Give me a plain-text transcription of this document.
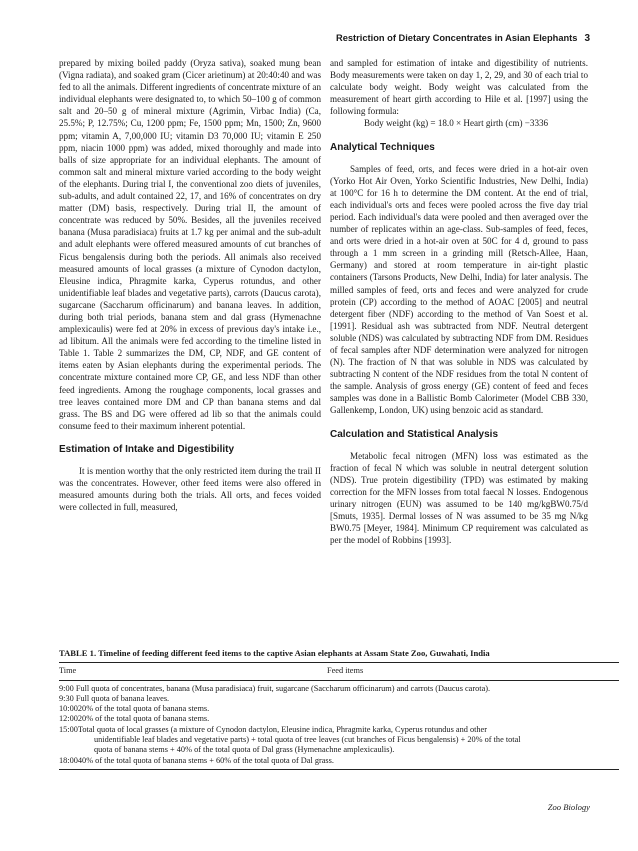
Restriction of Dietary Concentrates in Asian Elephants 3

prepared by mixing boiled paddy (Oryza sativa), soaked mung bean (Vigna radiata), and soaked gram (Cicer arietinum) at 20:40:40 and was fed to all the animals. Different ingredients of concentrate mixture of an individual elephants were designated to, to which 50–100 g of common salt and 20–50 g of mineral mixture (Agrimin, Virbac India) (Ca, 25.5%; P, 12.75%; Cu, 1200 ppm; Fe, 1500 ppm; Mn, 1500; Zn, 9600 ppm; vitamin A, 7,00,000 IU; vitamin D3 70,000 IU; vitamin E 250 ppm, niacin 1000 ppm) was added, mixed thoroughly and made into balls of size appropriate for an individual elephants. The amount of common salt and mineral mixture varied according to the body weight of the elephants. During trial I, the conventional zoo diets of juveniles, sub-adults, and adult contained 22, 17, and 16% of concentrates on dry matter (DM) basis, respectively. During trial II, the amount of concentrate was reduced by 50%. Besides, all the juveniles received banana (Musa paradisiaca) fruits at 1.7 kg per animal and the sub-adult and adult elephants were offered measured amounts of cut branches of Ficus bengalensis during both the periods. All animals also received measured amounts of local grasses (a mixture of Cynodon dactylon, Eleusine indica, Phragmite karka, Cyperus rotundus, and other unidentifiable leaf blades and vegetative parts), carrots (Daucus carota), sugarcane (Saccharum officinarum) and banana leaves. In addition, during both trial periods, banana stem and dal grass (Hymenachne amplexicaulis) were fed at 20% in excess of previous day's intake i.e., ad libitum. All the animals were fed according to the timeline listed in Table 1. Table 2 summarizes the DM, CP, NDF, and GE content of items eaten by Asian elephants during the experimental periods. The concentrate mixture contained more CP, GE, and less NDF than other feed ingredients. Among the roughage components, local grasses and tree leaves contained more DM and CP than banana stems and dal grass. The BS and DG were offered ad lib so that the animals could consume feed to their maximum inherent potential.

Estimation of Intake and Digestibility

It is mention worthy that the only restricted item during the trail II was the concentrates. However, other feed items were also offered in measured amounts during both the trials. All orts, and feces voided were collected in full, measured,

and sampled for estimation of intake and digestibility of nutrients. Body measurements were taken on day 1, 2, 29, and 30 of each trial to calculate body weight. Body weight was calculated from the measurement of heart girth according to Hile et al. [1997] using the following formula:

Body weight (kg) = 18.0 × Heart girth (cm) −3336

Analytical Techniques

Samples of feed, orts, and feces were dried in a hot-air oven (Yorko Hot Air Oven, Yorko Scientific Industries, New Delhi, India) at 100°C for 16 h to determine the DM content. At the end of trial, each individual's orts and feces were pooled across the five day trial period. Each individual's data were pooled and then averaged over the number of replicates within an age-class. Sub-samples of feed, feces, and orts were dried in a hot-air oven at 50C for 4 d, ground to pass through a 1 mm screen in a grinding mill (Retsch-Allee, Haan, Germany) and stored at room temperature in air-tight plastic containers (Tarsons Products, New Delhi, India) for later analysis. The milled samples of feed, orts and feces and were analyzed for crude protein (CP) according to the method of AOAC [2005] and neutral detergent fiber (NDF) according to the method of Van Soest et al. [1991]. Residual ash was subtracted from NDF. Neutral detergent soluble (NDS) was calculated by subtracting NDF from DM. Residues of fecal samples after NDF determination were analyzed for nitrogen (N). The fraction of N that was soluble in NDS was calculated by subtracting N content of the NDF residues from the total N content of the sample. Analysis of gross energy (GE) content of feed and feces samples was done in a Ballistic Bomb Calorimeter (Model CBB 330, Gallenkemp, London, UK) using benzoic acid as standard.

Calculation and Statistical Analysis

Metabolic fecal nitrogen (MFN) loss was estimated as the fraction of fecal N which was soluble in neutral detergent solution (NDS). True protein digestibility (TPD) was estimated by making correction for the MFN losses from total faecal N losses. Endogenous urinary nitrogen (EUN) was assumed to be 140 mg/kgBW0.75/d [Smuts, 1935]. Dermal losses of N was assumed to be 35 mg N/kg BW0.75 [Meyer, 1984]. Minimum CP requirement was calculated as per the model of Robbins [1993].

TABLE 1. Timeline of feeding different feed items to the captive Asian elephants at Assam State Zoo, Guwahati, India
Time	Feed items

9:00 Full quota of concentrates, banana (Musa paradisiaca) fruit, sugarcane (Saccharum officinarum) and carrots (Daucus carota).

9:30 Full quota of banana leaves.

10:0020% of the total quota of banana stems.

12:0020% of the total quota of banana stems.

15:00Total quota of local grasses (a mixture of Cynodon dactylon, Eleusine indica, Phragmite karka, Cyperus rotundus and other
unidentifiable leaf blades and vegetative parts) + total quota of tree leaves (cut branches of Ficus bengalensis) + 20% of the total
quota of banana stems + 40% of the total quota of Dal grass (Hymenachne amplexicaulis).

18:0040% of the total quota of banana stems + 60% of the total quota of Dal grass.

Zoo Biology
